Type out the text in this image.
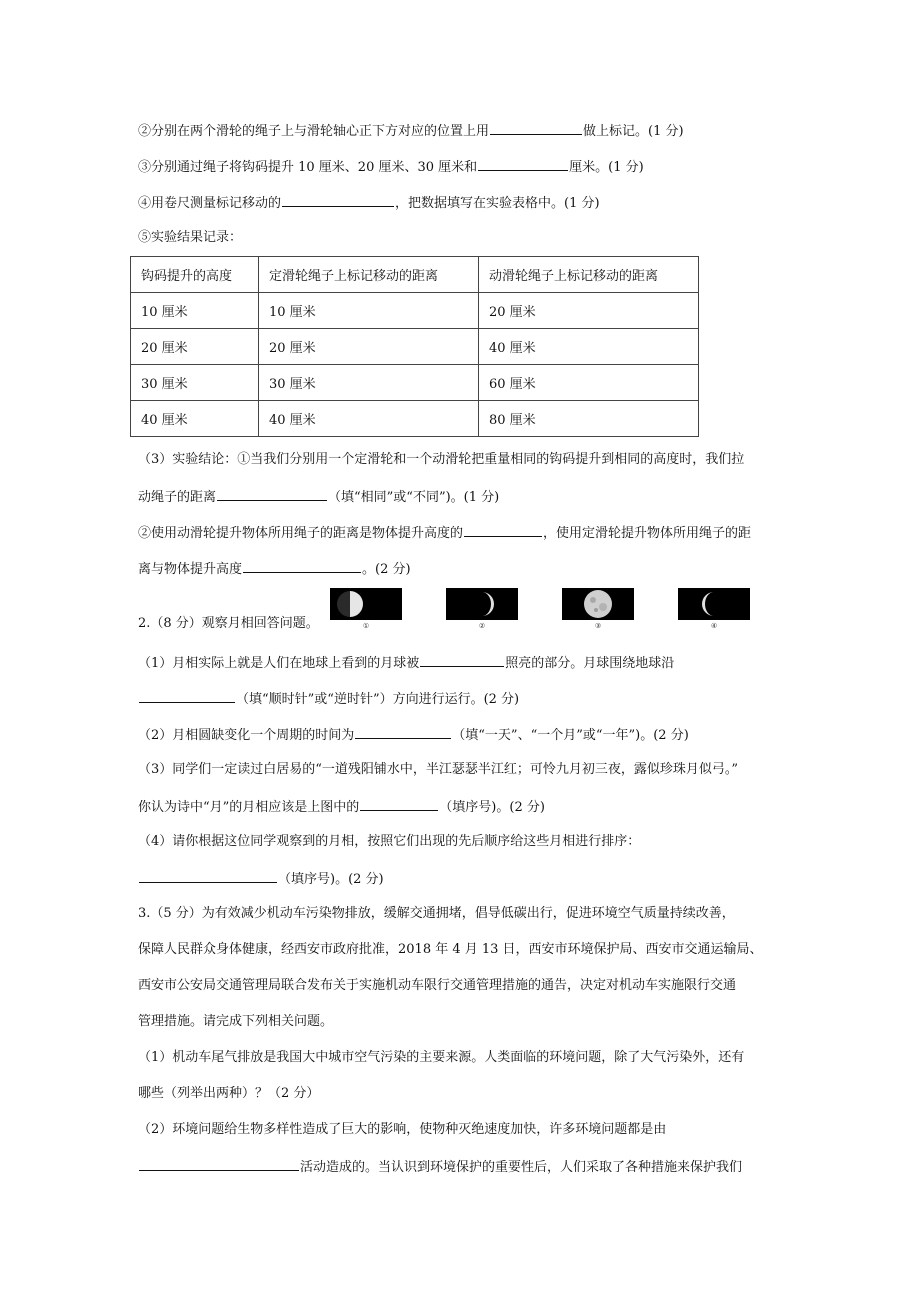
②分别在两个滑轮的绳子上与滑轮轴心正下方对应的位置上用	做上标记。(1 分)
③分别通过绳子将钩码提升 10 厘米、20 厘米、30 厘米和	厘米。(1 分)
④用卷尺测量标记移动的	，把数据填写在实验表格中。(1 分)
⑤实验结果记录：
钩码提升的高度	定滑轮绳子上标记移动的距离	动滑轮绳子上标记移动的距离
10 厘米	10 厘米	20 厘米
20 厘米	20 厘米	40 厘米
30 厘米	30 厘米	60 厘米
40 厘米	40 厘米	80 厘米
（3）实验结论：①当我们分别用一个定滑轮和一个动滑轮把重量相同的钩码提升到相同的高度时，我们拉
动绳子的距离	（填“相同”或“不同”)。(1 分)
②使用动滑轮提升物体所用绳子的距离是物体提升高度的	，使用定滑轮提升物体所用绳子的距
离与物体提升高度	。(2 分)
2.（8 分）观察月相回答问题。	①	②	③	④
（1）月相实际上就是人们在地球上看到的月球被	照亮的部分。月球围绕地球沿
（填“顺时针”或“逆时针”）方向进行运行。(2 分)
（2）月相圆缺变化一个周期的时间为	（填“一天”、“一个月”或“一年”)。(2 分)
（3）同学们一定读过白居易的“一道残阳铺水中，半江瑟瑟半江红；可怜九月初三夜，露似珍珠月似弓。”
你认为诗中“月”的月相应该是上图中的	（填序号)。(2 分)
（4）请你根据这位同学观察到的月相，按照它们出现的先后顺序给这些月相进行排序：
（填序号)。(2 分)
3.（5 分）为有效减少机动车污染物排放，缓解交通拥堵，倡导低碳出行，促进环境空气质量持续改善，
保障人民群众身体健康，经西安市政府批准，2018 年 4 月 13 日，西安市环境保护局、西安市交通运输局、
西安市公安局交通管理局联合发布关于实施机动车限行交通管理措施的通告，决定对机动车实施限行交通
管理措施。请完成下列相关问题。
（1）机动车尾气排放是我国大中城市空气污染的主要来源。人类面临的环境问题，除了大气污染外，还有
哪些（列举出两种）？（2 分）
（2）环境问题给生物多样性造成了巨大的影响，使物种灭绝速度加快，许多环境问题都是由
活动造成的。当认识到环境保护的重要性后，人们采取了各种措施来保护我们
